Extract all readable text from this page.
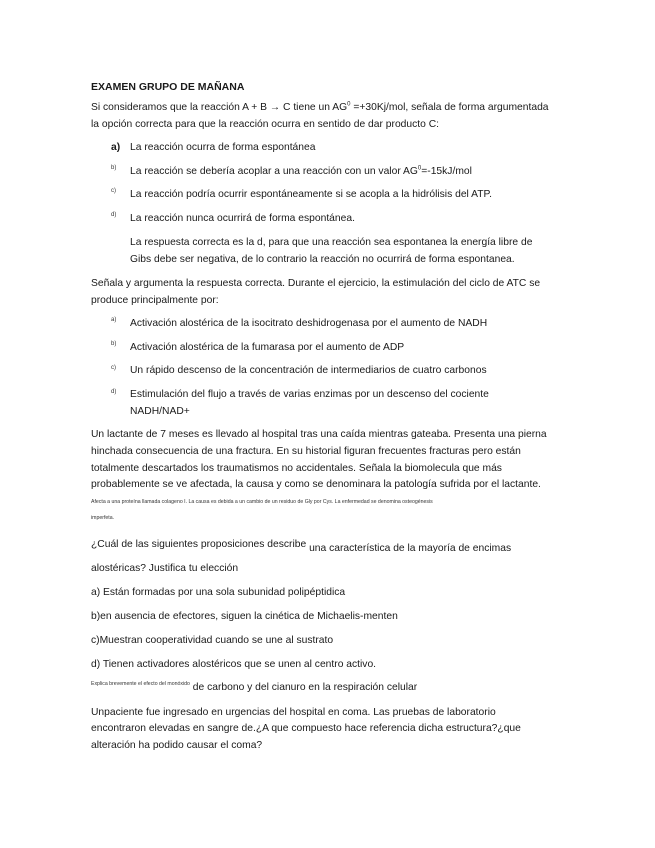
EXAMEN GRUPO DE MAÑANA
Si consideramos que la reacción A + B → C tiene un $AG^0 =+30Kj/mol$, señala de forma argumentada
la opción correcta para que la reacción ocurra en sentido de dar producto C:
a) La reacción ocurra de forma espontánea
b) La reacción se debería acoplar a una reacción con un valor $AG^0=-15kJ$/mol
c) La reacción podría ocurrir espontáneamente si se acopla a la hidrólisis del ATP.
d) La reacción nunca ocurrirá de forma espontánea.
La respuesta correcta es la d, para que una reacción sea espontanea la energía libre de
Gibs debe ser negativa, de lo contrario la reacción no ocurrirá de forma espontanea.
Señala y argumenta la respuesta correcta. Durante el ejercicio, la estimulación del ciclo de ATC se
produce principalmente por:
a) Activación alostérica de la isocitrato deshidrogenasa por el aumento de NADH
b) Activación alostérica de la fumarasa por el aumento de ADP
c) Un rápido descenso de la concentración de intermediarios de cuatro carbonos
d) Estimulación del flujo a través de varias enzimas por un descenso del cociente
NADH/NAD+
Un lactante de 7 meses es llevado al hospital tras una caída mientras gateaba. Presenta una pierna
hinchada consecuencia de una fractura. En su historial figuran frecuentes fracturas pero están
totalmente descartados los traumatismos no accidentales. Señala la biomolecula que más
probablemente se ve afectada, la causa y como se denominara la patología sufrida por el lactante.
Afecta a una proteína llamada colageno I. La causa es debida a un cambio de un residuo de Gly por Cys. La enfermedad se denomina osteogénesis
imperfeta.
¿Cuál de las siguientes proposiciones describe una característica de la mayoría de encimas
alostéricas? Justifica tu elección
a) Están formadas por una sola subunidad polipéptidica
b)en ausencia de efectores, siguen la cinética de Michaelis-menten
c)Muestran cooperatividad cuando se une al sustrato
d) Tienen activadores alostéricos que se unen al centro activo.
$^{Explica brevemente el efecto del monóxido}$ de carbono y del cianuro en la respiración celular
Unpaciente fue ingresado en urgencias del hospital en coma. Las pruebas de laboratorio
encontraron elevadas en sangre de.¿A que compuesto hace referencia dicha estructura?¿que
alteración ha podido causar el coma?
